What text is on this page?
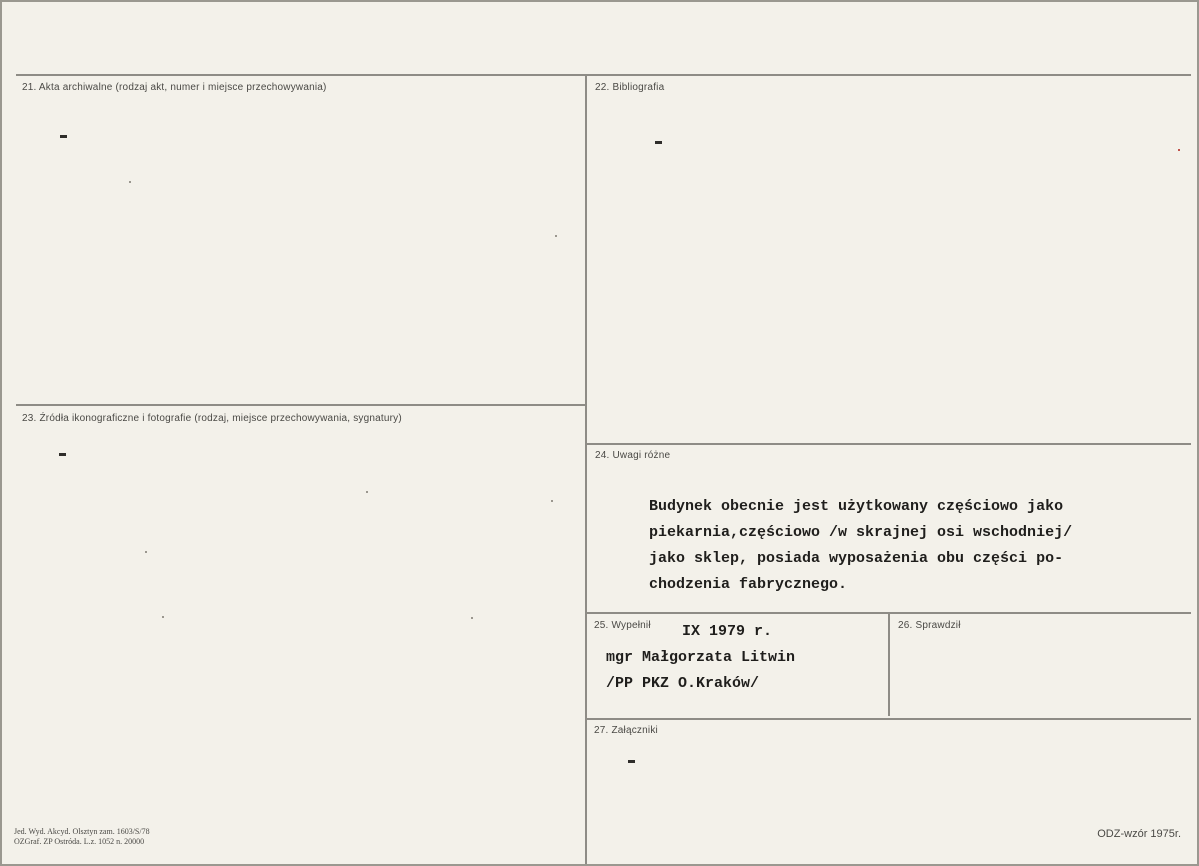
21. Akta archiwalne (rodzaj akt, numer i miejsce przechowywania)	22. Bibliografia
23. Źródła ikonograficzne i fotografie (rodzaj, miejsce przechowywania, sygnatury)
24. Uwagi różne

Budynek obecnie jest użytkowany częściowo jako

piekarnia,częściowo /w skrajnej osi wschodniej/

jako sklep, posiada wyposażenia obu części po-

chodzenia fabrycznego.

25. Wypełnił IX 1979 r.
mgr Małgorzata Litwin
/PP PKZ O.Kraków/
26. Sprawdził
27. Załączniki
Jed. Wyd. Akcyd. Olsztyn zam. 1603/S/78
OZGraf. ZP Ostróda. L.z. 1052 n. 20000
ODZ-wzór 1975r.
